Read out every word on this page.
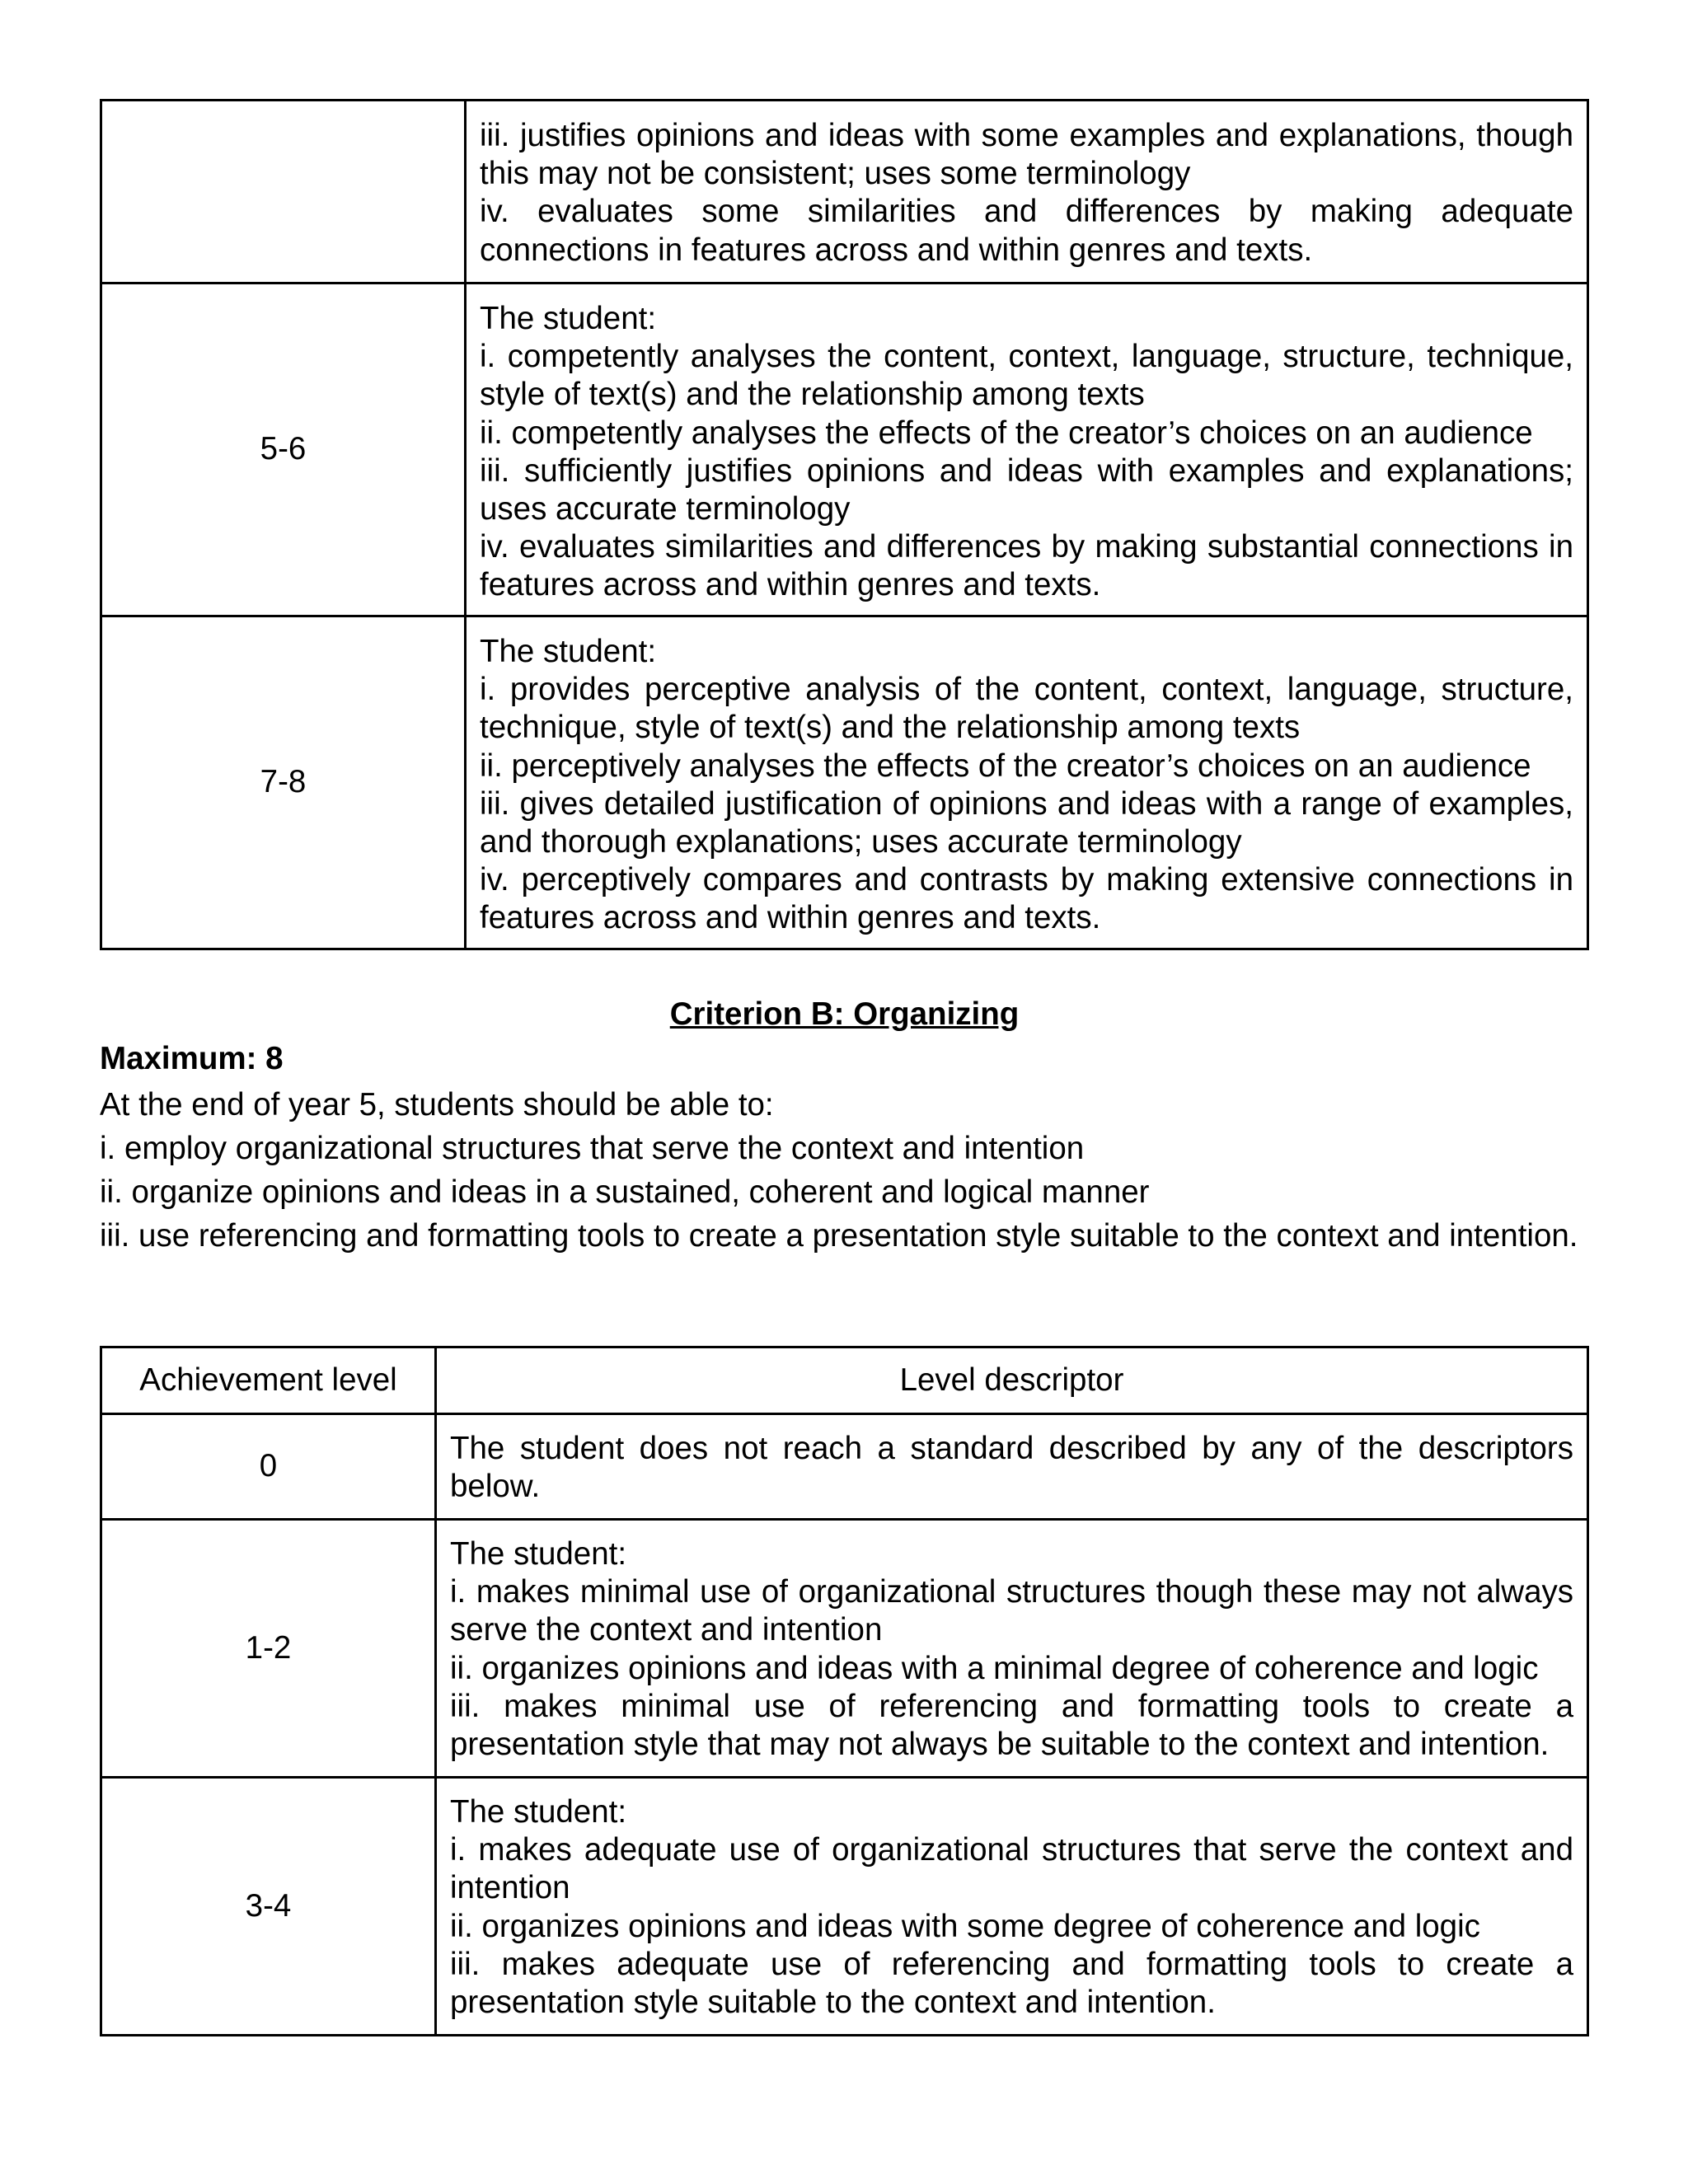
	iii. justifies opinions and ideas with some examples and explanations, though this may not be consistent; uses some terminology
iv. evaluates some similarities and differences by making adequate connections in features across and within genres and texts.

5-6	The student:
i. competently analyses the content, context, language, structure, technique, style of text(s) and the relationship among texts
ii. competently analyses the effects of the creator’s choices on an audience
iii. sufficiently justifies opinions and ideas with examples and explanations; uses accurate terminology
iv. evaluates similarities and differences by making substantial connections in features across and within genres and texts.

7-8	The student:
i. provides perceptive analysis of the content, context, language, structure, technique, style of text(s) and the relationship among texts
ii. perceptively analyses the effects of the creator’s choices on an audience
iii. gives detailed justification of opinions and ideas with a range of examples, and thorough explanations; uses accurate terminology
iv. perceptively compares and contrasts by making extensive connections in features across and within genres and texts.
Criterion B: Organizing

Maximum: 8

At the end of year 5, students should be able to:
i. employ organizational structures that serve the context and intention
ii. organize opinions and ideas in a sustained, coherent and logical manner
iii. use referencing and formatting tools to create a presentation style suitable to the context and intention.
Achievement level	Level descriptor
0	The student does not reach a standard described by any of the descriptors below.

1-2	The student:
i. makes minimal use of organizational structures though these may not always serve the context and intention
ii. organizes opinions and ideas with a minimal degree of coherence and logic
iii. makes minimal use of referencing and formatting tools to create a presentation style that may not always be suitable to the context and intention.

3-4	The student:
i. makes adequate use of organizational structures that serve the context and intention
ii. organizes opinions and ideas with some degree of coherence and logic
iii. makes adequate use of referencing and formatting tools to create a presentation style suitable to the context and intention.
